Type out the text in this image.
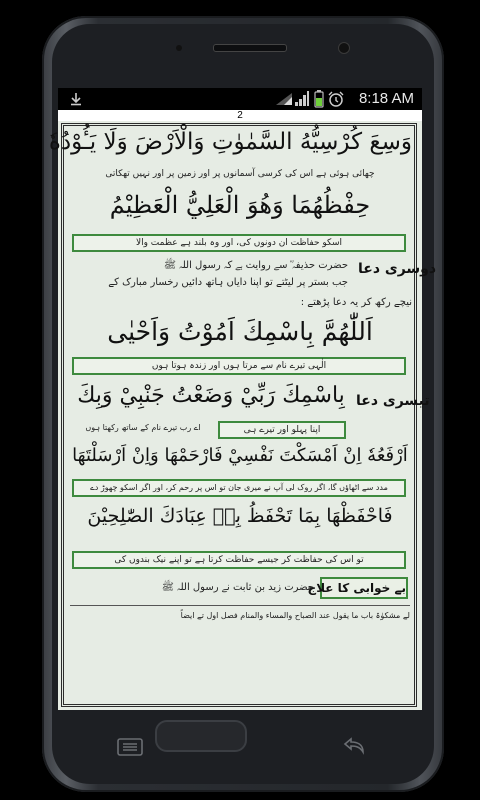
8:18 AM
2
وَسِعَ كُرْسِيُّهُ السَّمٰوٰتِ وَالْاَرْضَ وَلَا يَـُٔوْدُهٗ
چھائی ہوئی ہے اس کی کرسی آسمانوں پر اور زمین پر اور نہیں تھکاتی
حِفْظُهُمَا وَهُوَ الْعَلِيُّ الْعَظِيْمُ
اسکو حفاظت ان دونوں کی، اور وہ بلند ہے عظمت والا
دوسری دعا
حضرت حذیفہ ؓ سے روایت ہے کہ رسول اللہ ﷺ
جب بستر پر لیٹتے تو اپنا دایاں ہاتھ دائیں رخسار مبارک کے
نیچے رکھ کر یہ دعا پڑھتے :
اَللّٰهُمَّ بِاسْمِكَ اَمُوْتُ وَاَحْيٰى
الٰہی تیرے نام سے مرتا ہوں اور زندہ ہوتا ہوں
تیسری دعا
بِاسْمِكَ رَبِّيْ وَضَعْتُ جَنْبِيْ وَبِكَ
اپنا پہلو اور تیرے ہی
اے رب تیرے نام کے ساتھ رکھتا ہوں
اَرْفَعُهٗ اِنْ اَمْسَكْتَ نَفْسِيْ فَارْحَمْهَا وَاِنْ اَرْسَلْتَهَا
مدد سے اٹھاؤں گا، اگر روک لی آپ نے میری جان تو اس پر رحم کر، اور اگر اسکو چھوڑ دے
فَاحْفَظْهَا بِمَا تَحْفَظُ بِهٖ عِبَادَكَ الصّٰلِحِيْنَ
تو اس کی حفاظت کر جیسے حفاظت کرتا ہے تو اپنے نیک بندوں کی
بے خوابی کا علاج
حضرت زید بن ثابت نے رسول اللہ ﷺ
لے مشکوٰۃ باب ما یقول عند الصباح والمساء والمنام فصل اول تے ایضاً
